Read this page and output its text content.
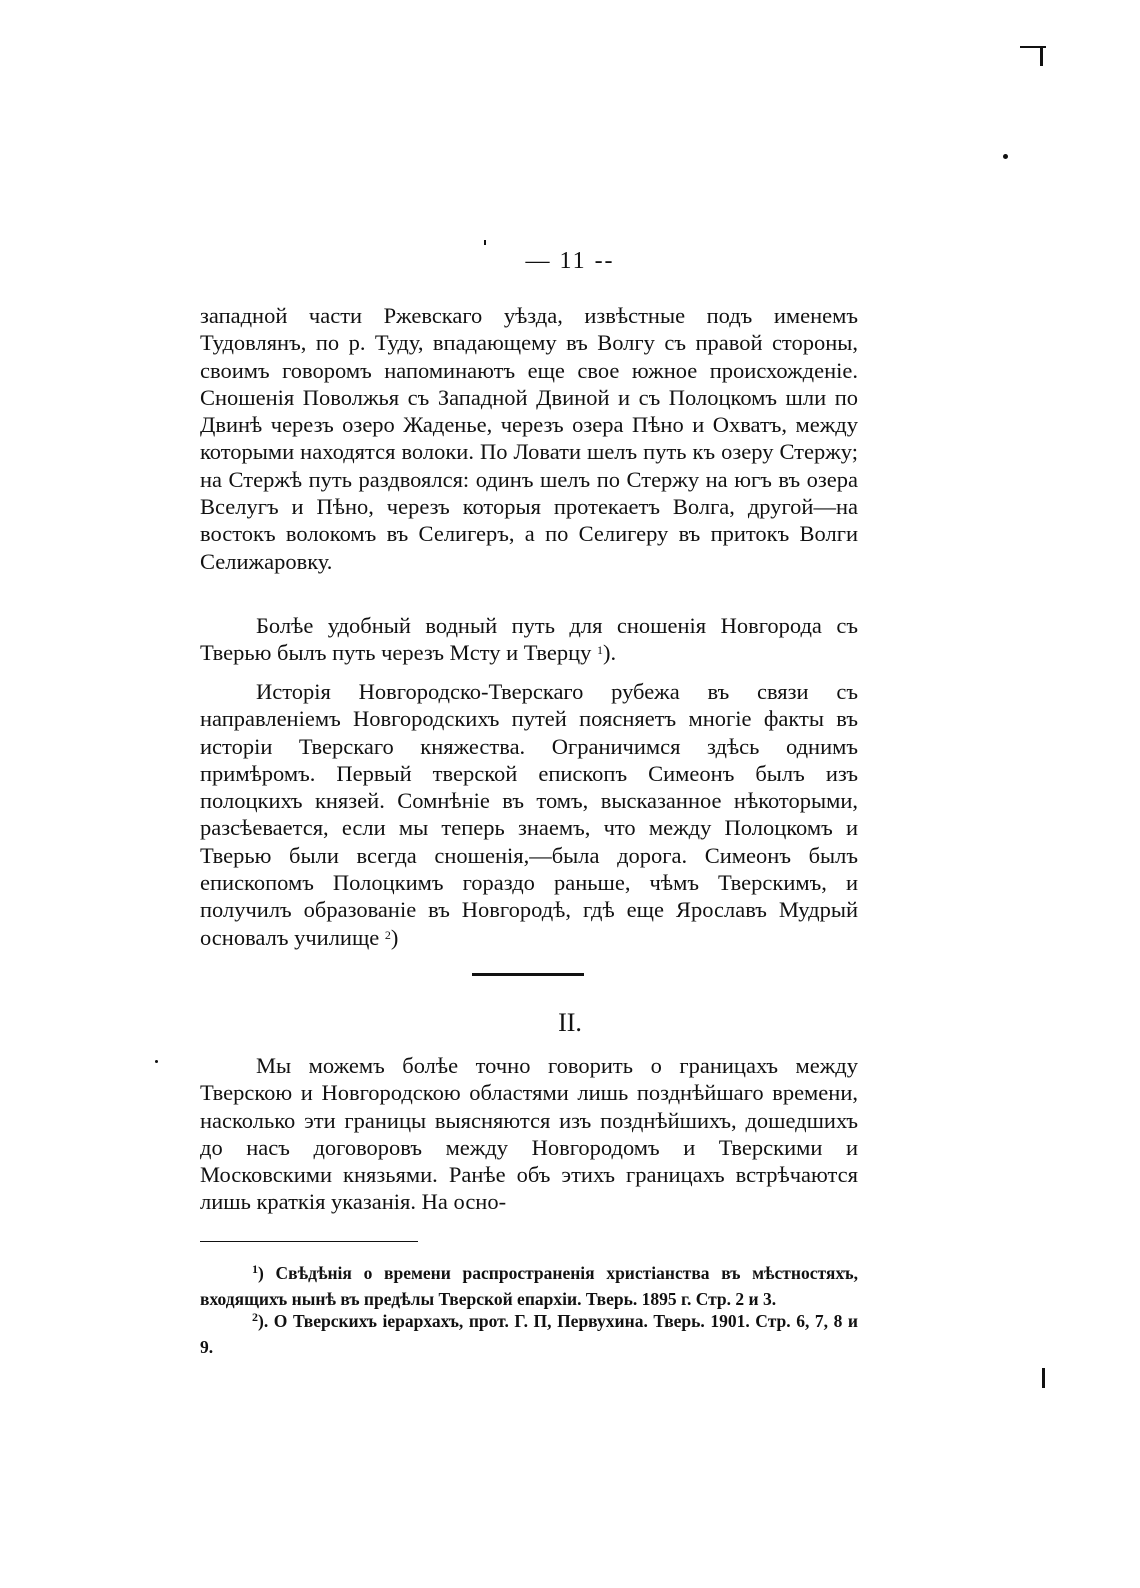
— 11 --

западной части Ржевскаго уѣзда, извѣстные подъ именемъ Тудовлянъ, по р. Туду, впадающему въ Волгу съ правой стороны, своимъ говоромъ напоминаютъ еще свое южное происхожденіе. Сношенія Поволжья съ Западной Двиной и съ Полоцкомъ шли по Двинѣ черезъ озеро Жаденье, черезъ озера Пѣно и Охватъ, между которыми находятся волоки. По Ловати шелъ путь къ озеру Стержу; на Стержѣ путь раздвоялся: одинъ шелъ по Стержу на югъ въ озера Вселугъ и Пѣно, черезъ которыя протекаетъ Волга, другой—на востокъ волокомъ въ Селигеръ, а по Селигеру въ притокъ Волги Селижаровку.

Болѣе удобный водный путь для сношенія Новгорода съ Тверью былъ путь черезъ Мсту и Тверцу $^1$).

Исторія Новгородско-Тверскаго рубежа въ связи съ направленіемъ Новгородскихъ путей поясняетъ многіе факты въ исторіи Тверскаго княжества. Ограничимся здѣсь однимъ примѣромъ. Первый тверской епископъ Симеонъ былъ изъ полоцкихъ князей. Сомнѣніе въ томъ, высказанное нѣкоторыми, разсѣевается, если мы теперь знаемъ, что между Полоцкомъ и Тверью были всегда сношенія,—была дорога. Симеонъ былъ епископомъ Полоцкимъ гораздо раньше, чѣмъ Тверскимъ, и получилъ образованіе въ Новгородѣ, гдѣ еще Ярославъ Мудрый основалъ училище $^2$)

II.

Мы можемъ болѣе точно говорить о границахъ между Тверскою и Новгородскою областями лишь позднѣйшаго времени, насколько эти границы выясняются изъ позднѣйшихъ, дошедшихъ до насъ договоровъ между Новгородомъ и Тверскими и Московскими князьями. Ранѣе объ этихъ границахъ встрѣчаются лишь краткія указанія. На осно-

$^1$) Свѣдѣнія о времени распространенія христіанства въ мѣстностяхъ, входящихъ нынѣ въ предѣлы Тверской епархіи. Тверь. 1895 г. Стр. 2 и 3.

$^2$). О Тверскихъ іерархахъ, прот. Г. П, Первухина. Тверь. 1901. Стр. 6, 7, 8 и 9.
